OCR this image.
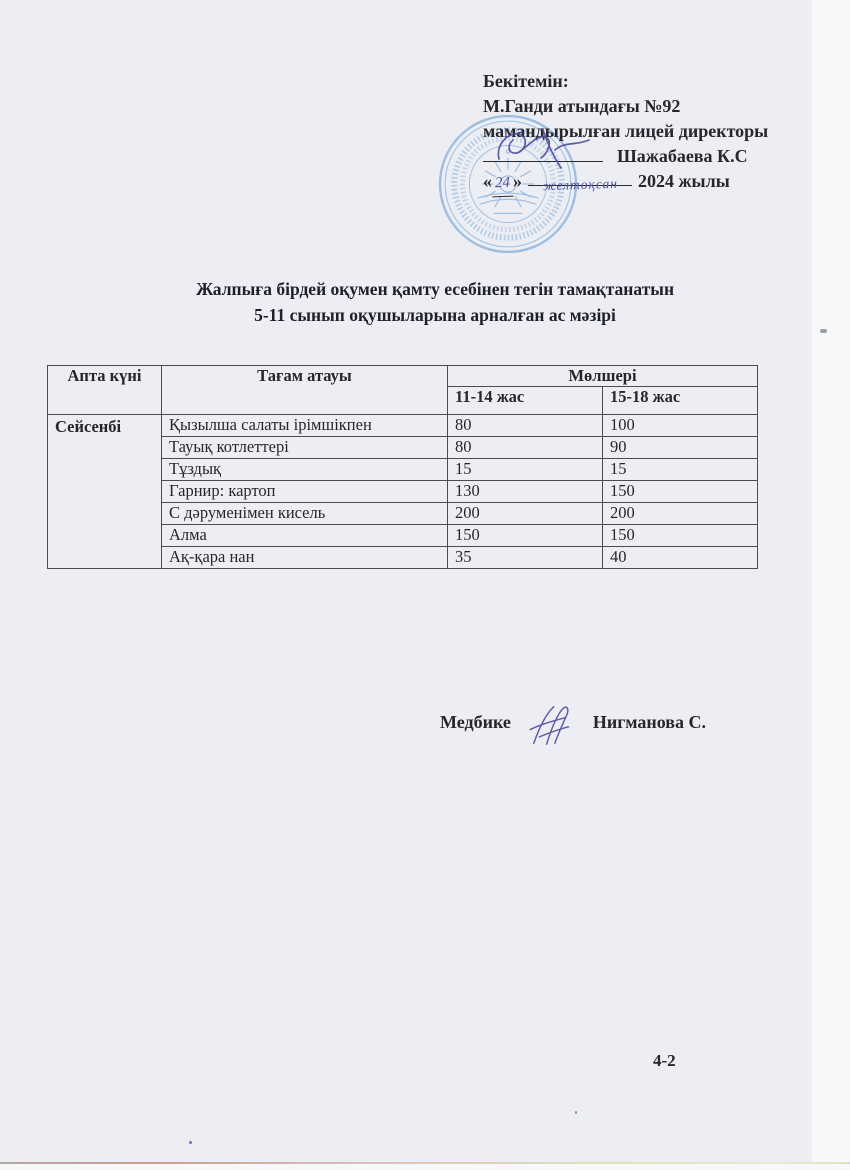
Бекітемін:
М.Ганди атындағы №92
мамандырылған лицей директоры
Шажабаева К.С
« 24 » желтоқсан 2024 жылы
Жалпыға бірдей оқумен қамту есебінен тегін тамақтанатын
5-11 сынып оқушыларына арналған ас мәзірі
Апта күні	Тағам атауы	Мөлшері	
		11-14 жас	15-18 жас
Сейсенбі	Қызылша салаты ірімшікпен	80	100
	Тауық котлеттері	80	90
	Тұздық	15	15
	Гарнир: картоп	130	150
	С дәруменімен кисель	200	200
	Алма	150	150
	Ақ-қара нан	35	40
Медбике	Нигманова С.
4-2
